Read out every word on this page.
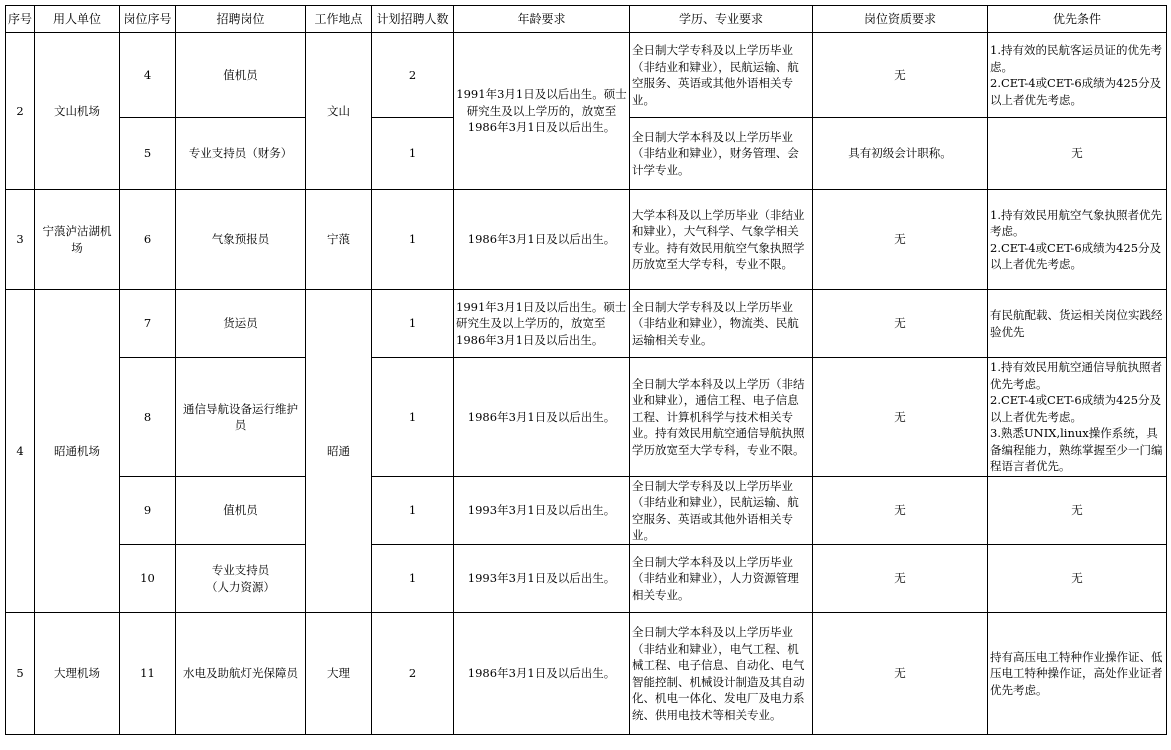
序号	用人单位	岗位序号	招聘岗位	工作地点	计划招聘人数	年龄要求	学历、专业要求	岗位资质要求	优先条件
2	文山机场	4	值机员	文山	2	1991年3月1日及以后出生。硕士研究生及以上学历的，放宽至1986年3月1日及以后出生。	全日制大学专科及以上学历毕业（非结业和肄业），民航运输、航空服务、英语或其他外语相关专业。	无	1.持有效的民航客运员证的优先考虑。
2.CET-4或CET-6成绩为425分及以上者优先考虑。
		5	专业支持员（财务）		1		全日制大学本科及以上学历毕业（非结业和肄业），财务管理、会计学专业。	具有初级会计职称。	无
3	宁蒗泸沽湖机场	6	气象预报员	宁蒗	1	1986年3月1日及以后出生。	大学本科及以上学历毕业（非结业和肄业），大气科学、气象学相关专业。持有效民用航空气象执照学历放宽至大学专科，专业不限。	无	1.持有效民用航空气象执照者优先考虑。
2.CET-4或CET-6成绩为425分及以上者优先考虑。
4	昭通机场	7	货运员	昭通	1	1991年3月1日及以后出生。硕士研究生及以上学历的，放宽至1986年3月1日及以后出生。	全日制大学专科及以上学历毕业（非结业和肄业），物流类、民航运输相关专业。	无	有民航配载、货运相关岗位实践经验优先
		8	通信导航设备运行维护员		1	1986年3月1日及以后出生。	全日制大学本科及以上学历（非结业和肄业），通信工程、电子信息工程、计算机科学与技术相关专业。持有效民用航空通信导航执照学历放宽至大学专科，专业不限。	无	1.持有效民用航空通信导航执照者优先考虑。
2.CET-4或CET-6成绩为425分及以上者优先考虑。
3.熟悉UNIX,linux操作系统，具备编程能力，熟练掌握至少一门编程语言者优先。
		9	值机员		1	1993年3月1日及以后出生。	全日制大学专科及以上学历毕业（非结业和肄业），民航运输、航空服务、英语或其他外语相关专业。	无	无
		10	专业支持员
（人力资源）		1	1993年3月1日及以后出生。	全日制大学本科及以上学历毕业（非结业和肄业），人力资源管理相关专业。	无	无
5	大理机场	11	水电及助航灯光保障员	大理	2	1986年3月1日及以后出生。	全日制大学本科及以上学历毕业（非结业和肄业），电气工程、机械工程、电子信息、自动化、电气智能控制、机械设计制造及其自动化、机电一体化、发电厂及电力系统、供用电技术等相关专业。	无	持有高压电工特种作业操作证、低压电工特种操作证，高处作业证者优先考虑。
